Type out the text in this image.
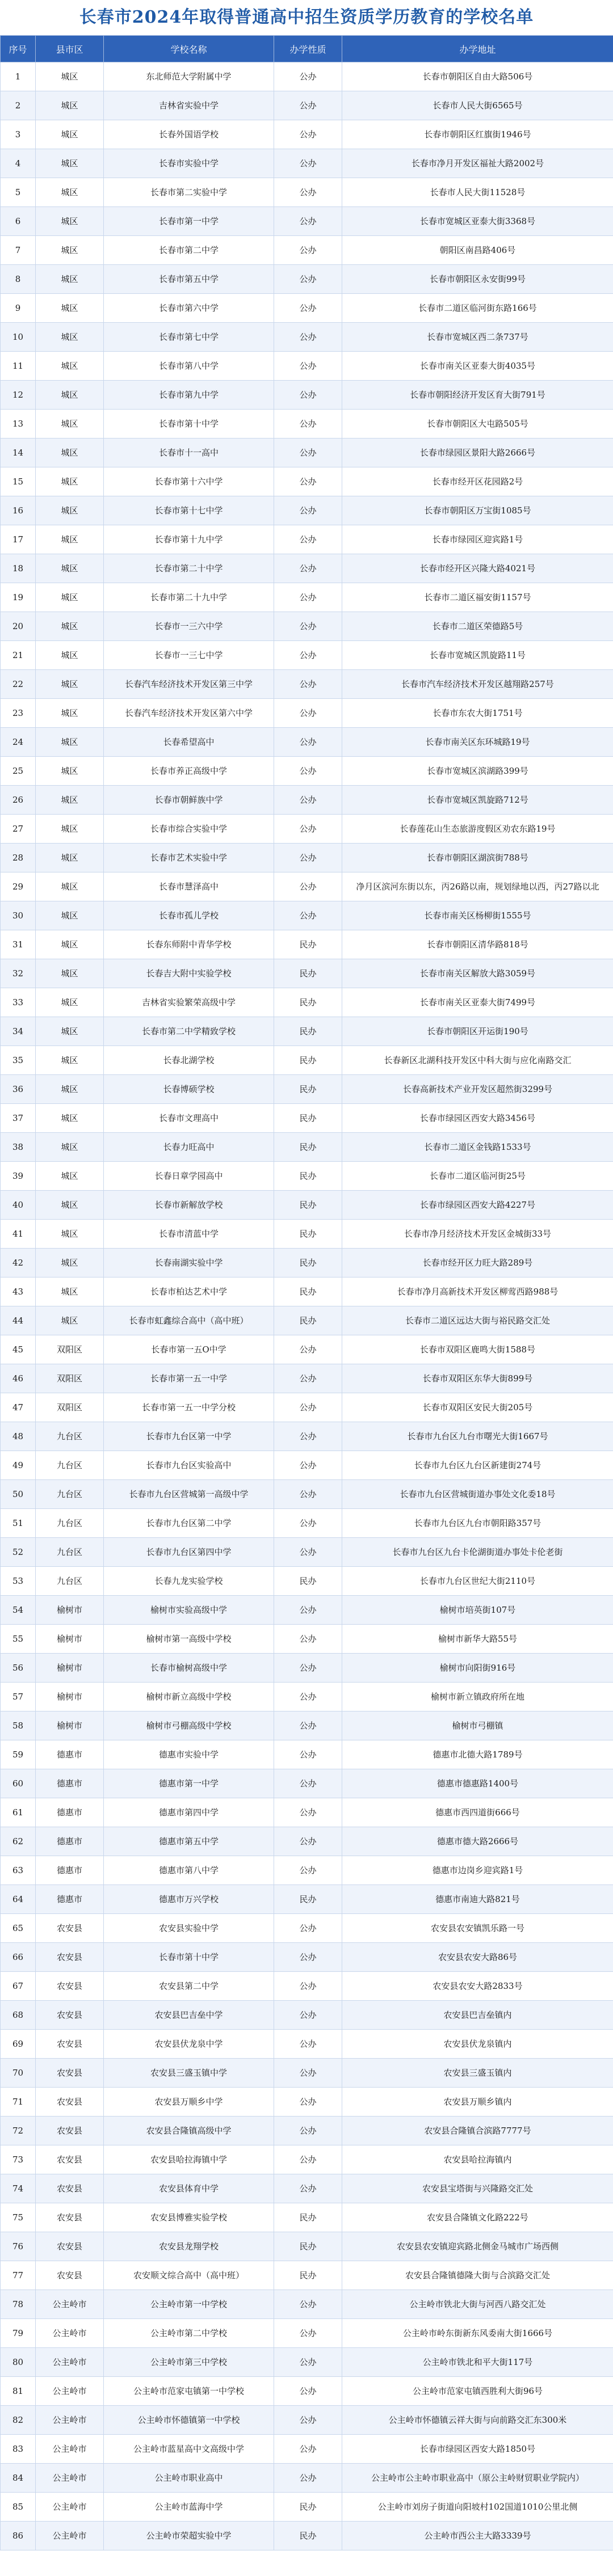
长春市2024年取得普通高中招生资质学历教育的学校名单
序号	县市区	学校名称	办学性质	办学地址
1	城区	东北师范大学附属中学	公办	长春市朝阳区自由大路506号
2	城区	吉林省实验中学	公办	长春市人民大街6565号
3	城区	长春外国语学校	公办	长春市朝阳区红旗街1946号
4	城区	长春市实验中学	公办	长春市净月开发区福祉大路2002号
5	城区	长春市第二实验中学	公办	长春市人民大街11528号
6	城区	长春市第一中学	公办	长春市宽城区亚泰大街3368号
7	城区	长春市第二中学	公办	朝阳区南昌路406号
8	城区	长春市第五中学	公办	长春市朝阳区永安街99号
9	城区	长春市第六中学	公办	长春市二道区临河街东路166号
10	城区	长春市第七中学	公办	长春市宽城区西二条737号
11	城区	长春市第八中学	公办	长春市南关区亚泰大街4035号
12	城区	长春市第九中学	公办	长春市朝阳经济开发区育大街791号
13	城区	长春市第十中学	公办	长春市朝阳区大屯路505号
14	城区	长春市十一高中	公办	长春市绿园区景阳大路2666号
15	城区	长春市第十六中学	公办	长春市经开区花园路2号
16	城区	长春市第十七中学	公办	长春市朝阳区万宝街1085号
17	城区	长春市第十九中学	公办	长春市绿园区迎宾路1号
18	城区	长春市第二十中学	公办	长春市经开区兴隆大路4021号
19	城区	长春市第二十九中学	公办	长春市二道区福安街1157号
20	城区	长春市一三六中学	公办	长春市二道区荣德路5号
21	城区	长春市一三七中学	公办	长春市宽城区凯旋路11号
22	城区	长春汽车经济技术开发区第三中学	公办	长春市汽车经济技术开发区越翔路257号
23	城区	长春汽车经济技术开发区第六中学	公办	长春市东农大街1751号
24	城区	长春希望高中	公办	长春市南关区东环城路19号
25	城区	长春市养正高级中学	公办	长春市宽城区滨湖路399号
26	城区	长春市朝鲜族中学	公办	长春市宽城区凯旋路712号
27	城区	长春市综合实验中学	公办	长春莲花山生态旅游度假区劝农东路19号
28	城区	长春市艺术实验中学	公办	长春市朝阳区湖滨街788号
29	城区	长春市慧泽高中	公办	净月区滨河东街以东，丙26路以南，规划绿地以西，丙27路以北
30	城区	长春市孤儿学校	公办	长春市南关区杨柳街1555号
31	城区	长春东师附中青华学校	民办	长春市朝阳区清华路818号
32	城区	长春吉大附中实验学校	民办	长春市南关区解放大路3059号
33	城区	吉林省实验繁荣高级中学	民办	长春市南关区亚泰大街7499号
34	城区	长春市第二中学精致学校	民办	长春市朝阳区开运街190号
35	城区	长春北湖学校	民办	长春新区北湖科技开发区中科大街与应化南路交汇
36	城区	长春博硕学校	民办	长春高新技术产业开发区超然街3299号
37	城区	长春市文理高中	民办	长春市绿园区西安大路3456号
38	城区	长春力旺高中	民办	长春市二道区金钱路1533号
39	城区	长春日章学园高中	民办	长春市二道区临河街25号
40	城区	长春市新解放学校	民办	长春市绿园区西安大路4227号
41	城区	长春市清蓝中学	民办	长春市净月经济技术开发区金城街33号
42	城区	长春南湖实验中学	民办	长春市经开区力旺大路289号
43	城区	长春市柏达艺术中学	民办	长春市净月高新技术开发区柳莺西路988号
44	城区	长春市虹鑫综合高中（高中班）	民办	长春市二道区远达大街与裕民路交汇处
45	双阳区	长春市第一五O中学	公办	长春市双阳区鹿鸣大街1588号
46	双阳区	长春市第一五一中学	公办	长春市双阳区东华大街899号
47	双阳区	长春市第一五一中学分校	公办	长春市双阳区安民大街205号
48	九台区	长春市九台区第一中学	公办	长春市九台区九台市曙光大街1667号
49	九台区	长春市九台区实验高中	公办	长春市九台区九台区新建街274号
50	九台区	长春市九台区营城第一高级中学	公办	长春市九台区营城街道办事处文化委18号
51	九台区	长春市九台区第二中学	公办	长春市九台区九台市朝阳路357号
52	九台区	长春市九台区第四中学	公办	长春市九台区九台卡伦湖街道办事处卡伦老街
53	九台区	长春九龙实验学校	民办	长春市九台区世纪大街2110号
54	榆树市	榆树市实验高级中学	公办	榆树市培英街107号
55	榆树市	榆树市第一高级中学校	公办	榆树市新华大路55号
56	榆树市	长春市榆树高级中学	公办	榆树市向阳街916号
57	榆树市	榆树市新立高级中学校	公办	榆树市新立镇政府所在地
58	榆树市	榆树市弓棚高级中学校	公办	榆树市弓棚镇
59	德惠市	德惠市实验中学	公办	德惠市北德大路1789号
60	德惠市	德惠市第一中学	公办	德惠市德惠路1400号
61	德惠市	德惠市第四中学	公办	德惠市西四道街666号
62	德惠市	德惠市第五中学	公办	德惠市德大路2666号
63	德惠市	德惠市第八中学	公办	德惠市边岗乡迎宾路1号
64	德惠市	德惠市万兴学校	民办	德惠市南迪大路821号
65	农安县	农安县实验中学	公办	农安县农安镇凯乐路一号
66	农安县	长春市第十中学	公办	农安县农安大路86号
67	农安县	农安县第二中学	公办	农安县农安大路2833号
68	农安县	农安县巴吉垒中学	公办	农安县巴吉垒镇内
69	农安县	农安县伏龙泉中学	公办	农安县伏龙泉镇内
70	农安县	农安县三盛玉镇中学	公办	农安县三盛玉镇内
71	农安县	农安县万顺乡中学	公办	农安县万顺乡镇内
72	农安县	农安县合隆镇高级中学	公办	农安县合隆镇合滨路7777号
73	农安县	农安县哈拉海镇中学	公办	农安县哈拉海镇内
74	农安县	农安县体育中学	公办	农安县宝塔街与兴隆路交汇处
75	农安县	农安县博雅实验学校	民办	农安县合隆镇文化路222号
76	农安县	农安县龙翔学校	民办	农安县农安镇迎宾路北侧金马城市广场西侧
77	农安县	农安顺文综合高中（高中班）	民办	农安县合隆镇德隆大街与合滨路交汇处
78	公主岭市	公主岭市第一中学校	公办	公主岭市铁北大街与河西八路交汇处
79	公主岭市	公主岭市第二中学校	公办	公主岭市岭东街新东风委南大街1666号
80	公主岭市	公主岭市第三中学校	公办	公主岭市铁北和平大街117号
81	公主岭市	公主岭市范家屯镇第一中学校	公办	公主岭市范家屯镇西胜利大街96号
82	公主岭市	公主岭市怀德镇第一中学校	公办	公主岭市怀德镇云祥大街与向前路交汇东300米
83	公主岭市	公主岭市蓝星高中文高级中学	公办	长春市绿园区西安大路1850号
84	公主岭市	公主岭市职业高中	公办	公主岭市公主岭市职业高中（原公主岭财贸职业学院内）
85	公主岭市	公主岭市蓝海中学	民办	公主岭市刘房子街道向阳坡村102国道1010公里北侧
86	公主岭市	公主岭市荣超实验中学	民办	公主岭市西公主大路3339号
